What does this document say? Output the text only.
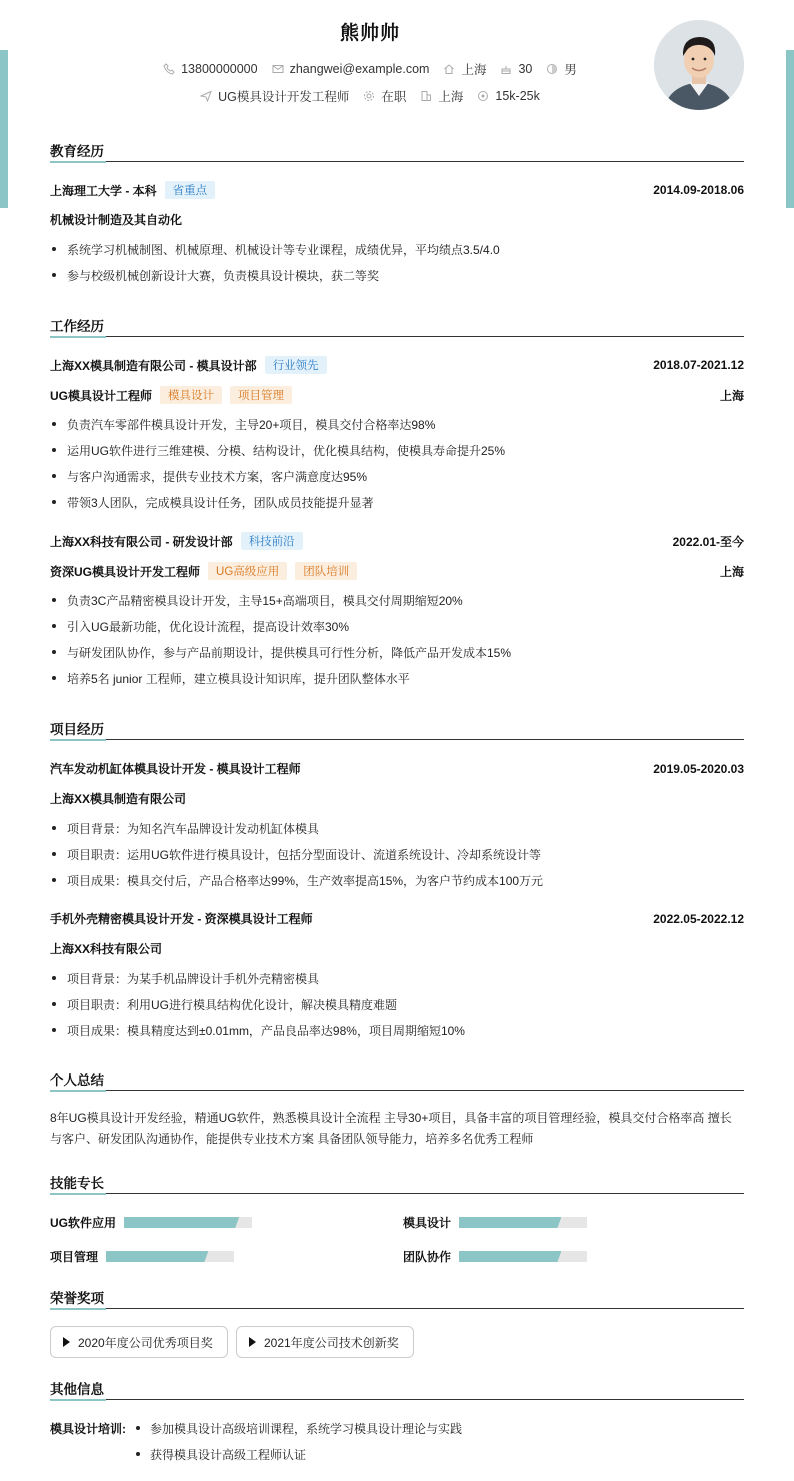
熊帅帅
13800000000	zhangwei@example.com	上海	30	男
UG模具设计开发工程师	在职	上海	15k-25k
教育经历
上海理工大学 - 本科	省重点	2014.09-2018.06
机械设计制造及其自动化
系统学习机械制图、机械原理、机械设计等专业课程，成绩优异，平均绩点3.5/4.0
参与校级机械创新设计大赛，负责模具设计模块，获二等奖
工作经历
上海XX模具制造有限公司 - 模具设计部	行业领先	2018.07-2021.12
UG模具设计工程师	模具设计	项目管理	上海
负责汽车零部件模具设计开发，主导20+项目，模具交付合格率达98%
运用UG软件进行三维建模、分模、结构设计，优化模具结构，使模具寿命提升25%
与客户沟通需求，提供专业技术方案，客户满意度达95%
带领3人团队，完成模具设计任务，团队成员技能提升显著
上海XX科技有限公司 - 研发设计部	科技前沿	2022.01-至今
资深UG模具设计开发工程师	UG高级应用	团队培训	上海
负责3C产品精密模具设计开发，主导15+高端项目，模具交付周期缩短20%
引入UG最新功能，优化设计流程，提高设计效率30%
与研发团队协作，参与产品前期设计，提供模具可行性分析，降低产品开发成本15%
培养5名 junior 工程师，建立模具设计知识库，提升团队整体水平
项目经历
汽车发动机缸体模具设计开发 - 模具设计工程师	2019.05-2020.03
上海XX模具制造有限公司
项目背景：为知名汽车品牌设计发动机缸体模具
项目职责：运用UG软件进行模具设计，包括分型面设计、流道系统设计、冷却系统设计等
项目成果：模具交付后，产品合格率达99%，生产效率提高15%，为客户节约成本100万元
手机外壳精密模具设计开发 - 资深模具设计工程师	2022.05-2022.12
上海XX科技有限公司
项目背景：为某手机品牌设计手机外壳精密模具
项目职责：利用UG进行模具结构优化设计，解决模具精度难题
项目成果：模具精度达到±0.01mm，产品良品率达98%，项目周期缩短10%
个人总结
8年UG模具设计开发经验，精通UG软件，熟悉模具设计全流程 主导30+项目，具备丰富的项目管理经验，模具交付合格率高 擅长
与客户、研发团队沟通协作，能提供专业技术方案 具备团队领导能力，培养多名优秀工程师
技能专长
UG软件应用	模具设计
项目管理	团队协作
荣誉奖项
2020年度公司优秀项目奖	2021年度公司技术创新奖
其他信息
模具设计培训:	参加模具设计高级培训课程，系统学习模具设计理论与实践
获得模具设计高级工程师认证
